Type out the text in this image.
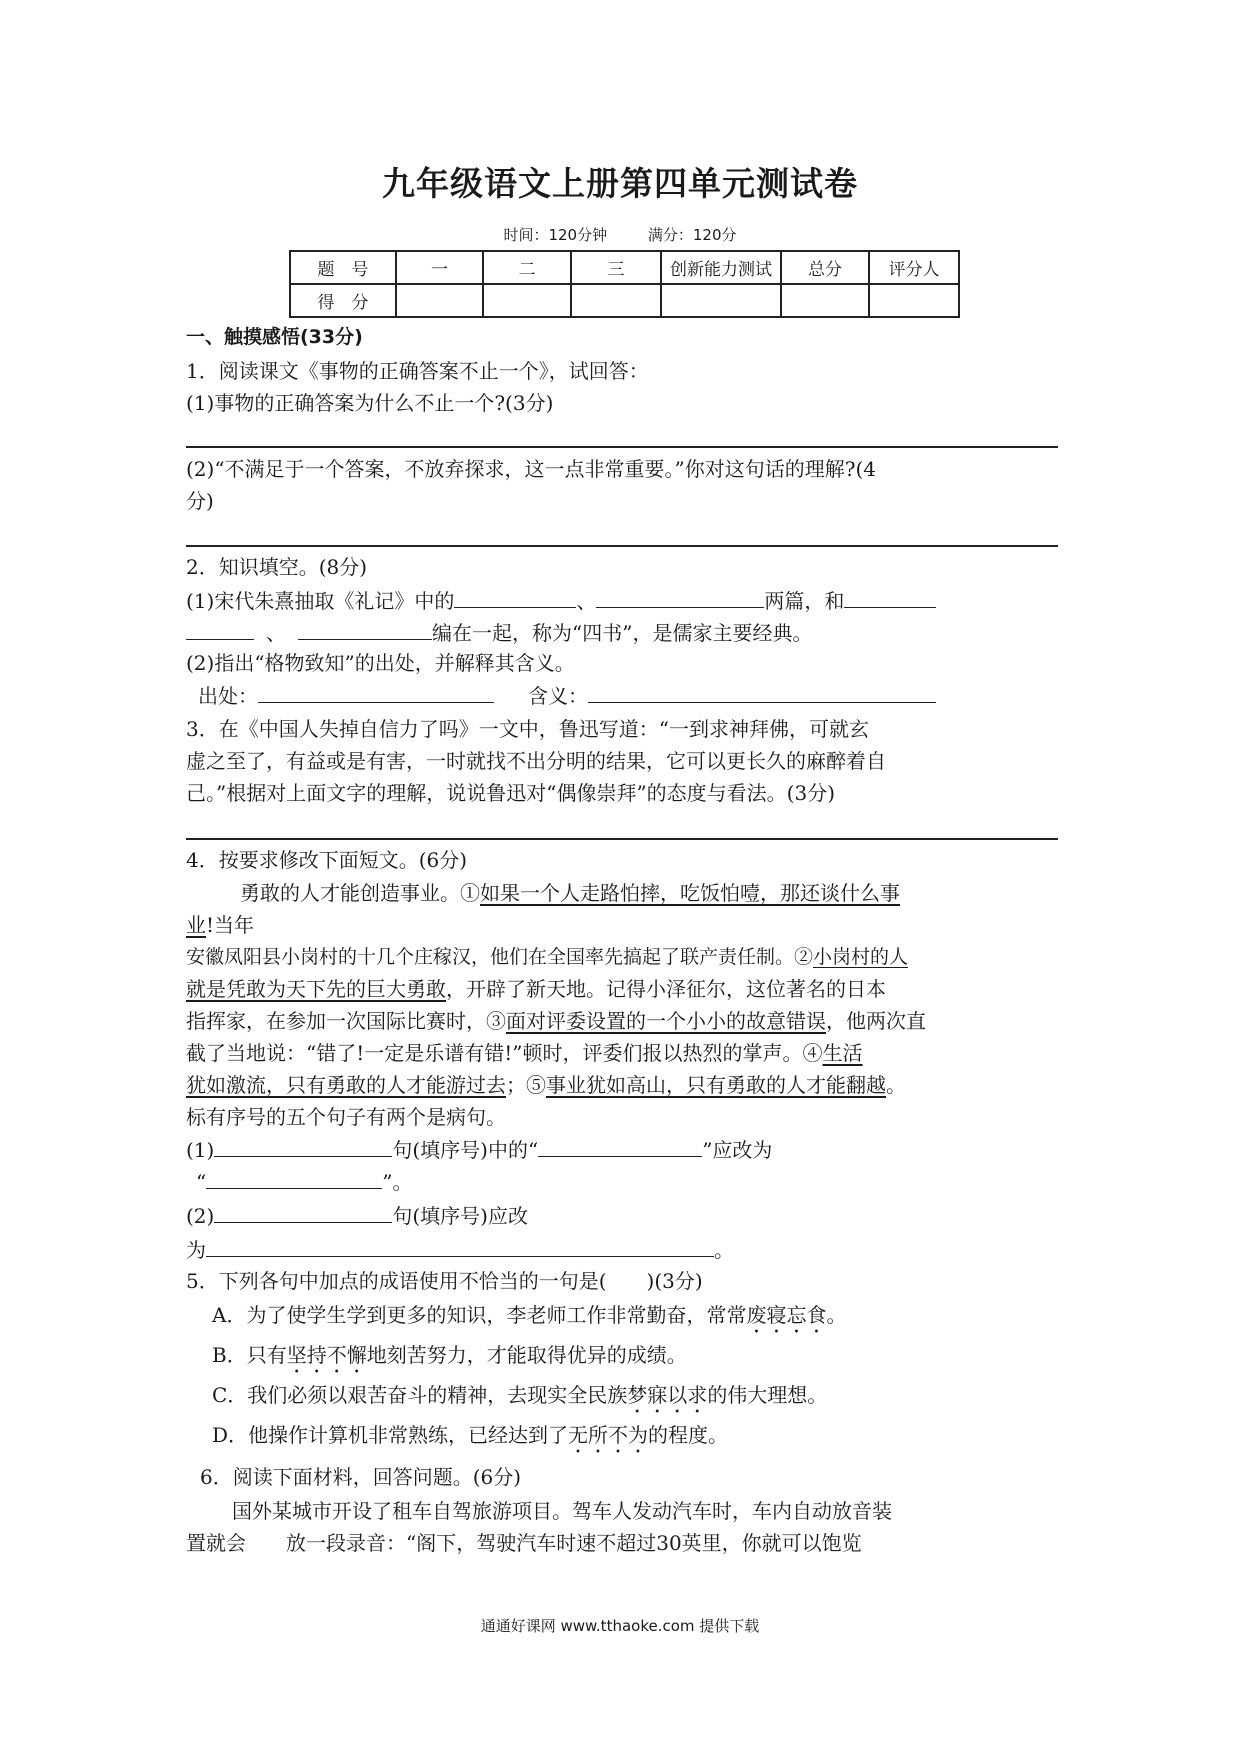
九年级语文上册第四单元测试卷
时间：120分钟	满分：120分
题　号	一	二	三	创新能力测试	总分	评分人
得　分						
一、触摸感悟(33分)
1．阅读课文《事物的正确答案不止一个》，试回答：
(1)事物的正确答案为什么不止一个?(3分)
(2)“不满足于一个答案，不放弃探求，这一点非常重要。”你对这句话的理解?(4
分)
2．知识填空。(8分)
(1)宋代朱熹抽取《礼记》中的	、	两篇，和
、	编在一起，称为“四书”，是儒家主要经典。
(2)指出“格物致知”的出处，并解释其含义。
出处：	含义：
3．在《中国人失掉自信力了吗》一文中，鲁迅写道：“一到求神拜佛，可就玄
虚之至了，有益或是有害，一时就找不出分明的结果，它可以更长久的麻醉着自
己。”根据对上面文字的理解，说说鲁迅对“偶像崇拜”的态度与看法。(3分)
4．按要求修改下面短文。(6分)
勇敢的人才能创造事业。①如果一个人走路怕摔，吃饭怕噎，那还谈什么事
业!当年
安徽凤阳县小岗村的十几个庄稼汉，他们在全国率先搞起了联产责任制。②小岗村的人
就是凭敢为天下先的巨大勇敢，开辟了新天地。记得小泽征尔，这位著名的日本
指挥家，在参加一次国际比赛时，③面对评委设置的一个小小的故意错误，他两次直
截了当地说：“错了!一定是乐谱有错!”顿时，评委们报以热烈的掌声。④生活
犹如激流，只有勇敢的人才能游过去；⑤事业犹如高山，只有勇敢的人才能翻越。
标有序号的五个句子有两个是病句。
(1)	句(填序号)中的“	”应改为
“	”。
(2)	句(填序号)应改
为	。
5．下列各句中加点的成语使用不恰当的一句是(　　)(3分)
A．为了使学生学到更多的知识，李老师工作非常勤奋，常常废寝忘食。
B．只有坚持不懈地刻苦努力，才能取得优异的成绩。
C．我们必须以艰苦奋斗的精神，去现实全民族梦寐以求的伟大理想。
D．他操作计算机非常熟练，已经达到了无所不为的程度。
6．阅读下面材料，回答问题。(6分)
国外某城市开设了租车自驾旅游项目。驾车人发动汽车时，车内自动放音装
置就会　　放一段录音：“阁下，驾驶汽车时速不超过30英里，你就可以饱览
通通好课网 www.tthaoke.com 提供下载
